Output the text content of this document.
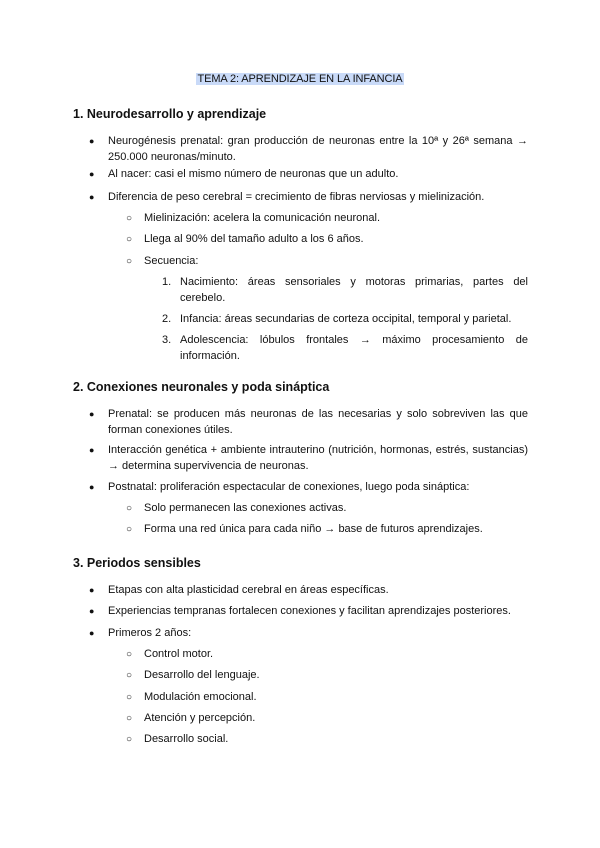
TEMA 2: APRENDIZAJE EN LA INFANCIA
1. Neurodesarrollo y aprendizaje
● Neurogénesis prenatal: gran producción de neuronas entre la 10ª y 26ª semana → 250.000 neuronas/minuto.
● Al nacer: casi el mismo número de neuronas que un adulto.
● Diferencia de peso cerebral = crecimiento de fibras nerviosas y mielinización.
○ Mielinización: acelera la comunicación neuronal.
○ Llega al 90% del tamaño adulto a los 6 años.
○ Secuencia:
1. Nacimiento: áreas sensoriales y motoras primarias, partes del cerebelo.
2. Infancia: áreas secundarias de corteza occipital, temporal y parietal.
3. Adolescencia: lóbulos frontales → máximo procesamiento de información.
2. Conexiones neuronales y poda sináptica
● Prenatal: se producen más neuronas de las necesarias y solo sobreviven las que forman conexiones útiles.
● Interacción genética + ambiente intrauterino (nutrición, hormonas, estrés, sustancias) → determina supervivencia de neuronas.
● Postnatal: proliferación espectacular de conexiones, luego poda sináptica:
○ Solo permanecen las conexiones activas.
○ Forma una red única para cada niño → base de futuros aprendizajes.
3. Periodos sensibles
● Etapas con alta plasticidad cerebral en áreas específicas.
● Experiencias tempranas fortalecen conexiones y facilitan aprendizajes posteriores.
● Primeros 2 años:
○ Control motor.
○ Desarrollo del lenguaje.
○ Modulación emocional.
○ Atención y percepción.
○ Desarrollo social.
